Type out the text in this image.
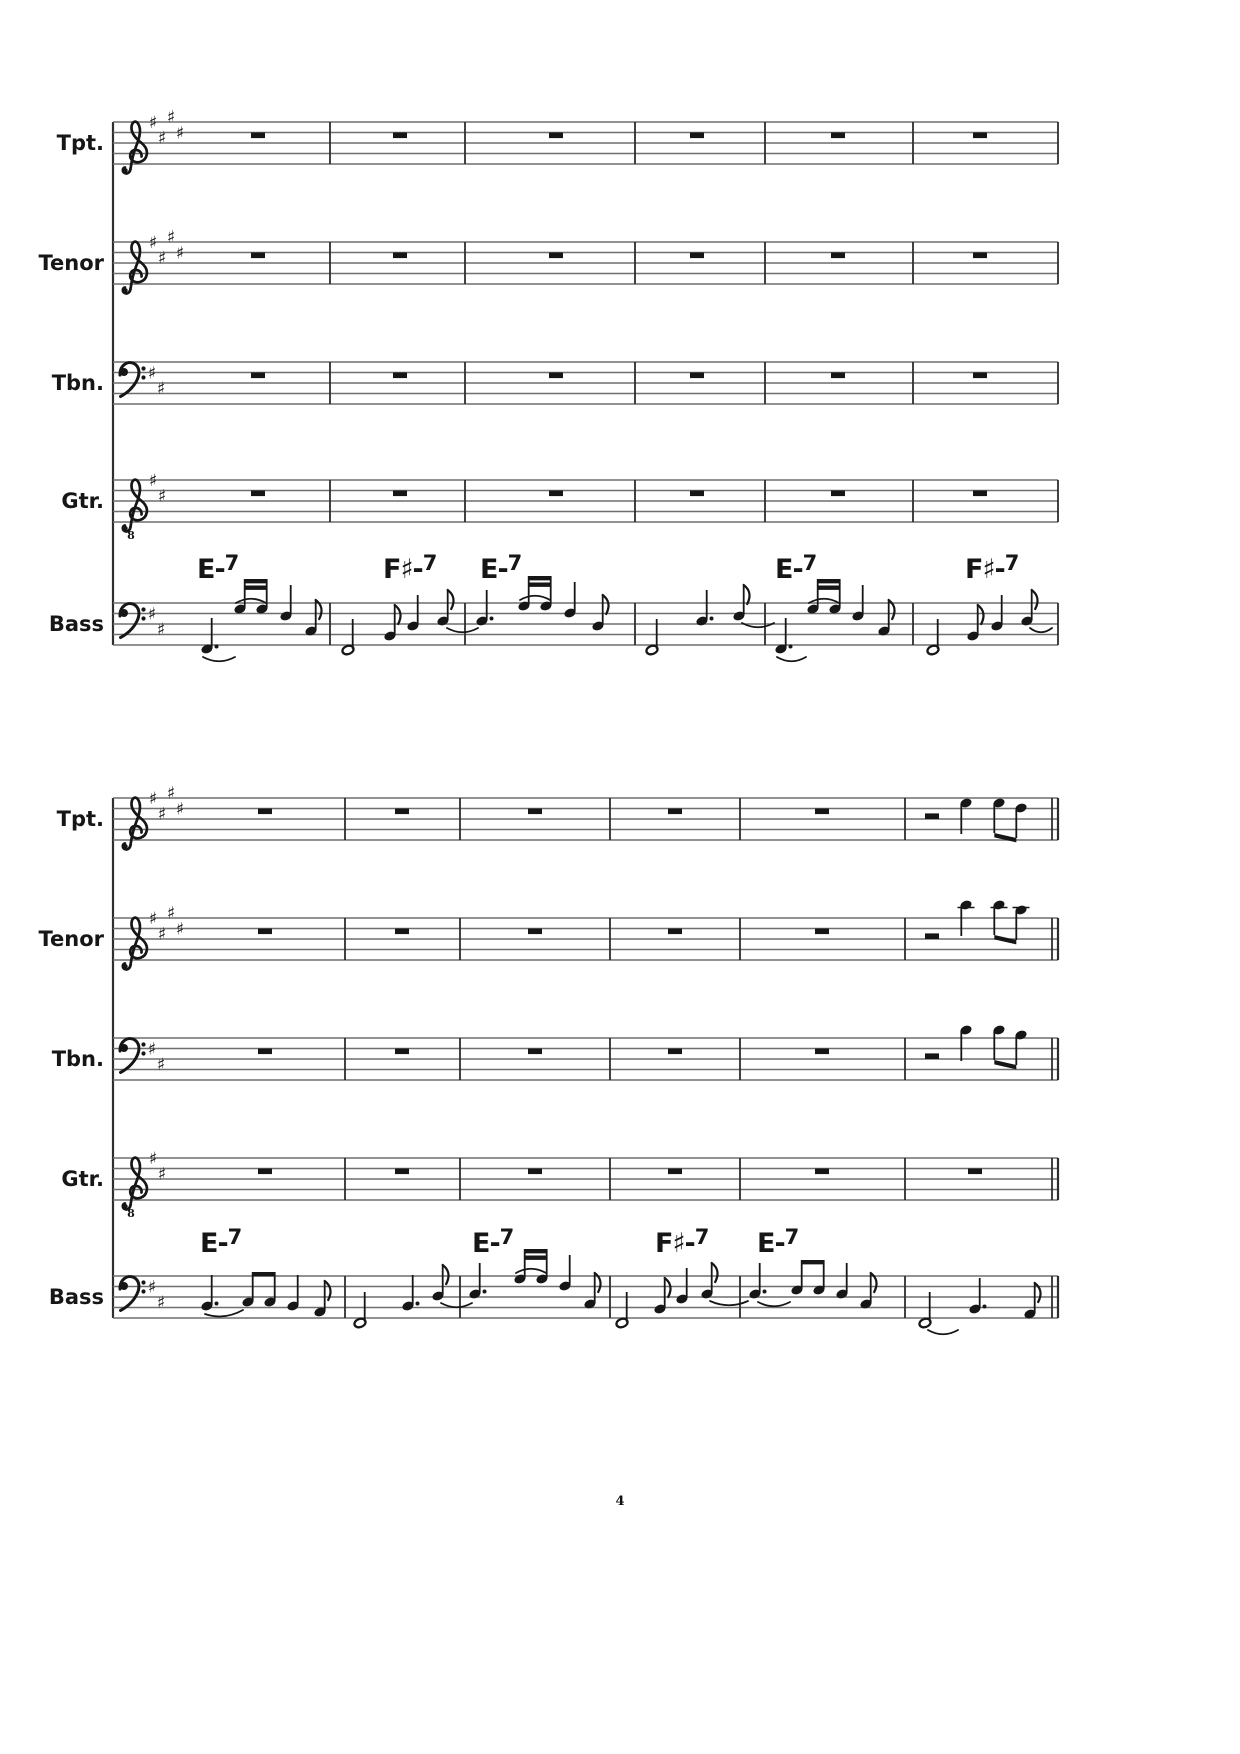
Tpt.
♯
♯
♯
♯
Tenor
♯
♯
♯
♯
Tbn.	♯
♯
Gtr.
8
♯
♯
Bass	♯
♯
E-$^7$	F♯-$^7$ E-$^7$	E-$^7$	F♯-$^7$
Tpt.
♯
♯
♯
♯
Tenor
♯
♯
♯
♯
Tbn.	♯
♯
Gtr.
8
♯
♯
Bass	♯
♯
E-$^7$	E-$^7$	F♯-$^7$ E-$^7$
4
